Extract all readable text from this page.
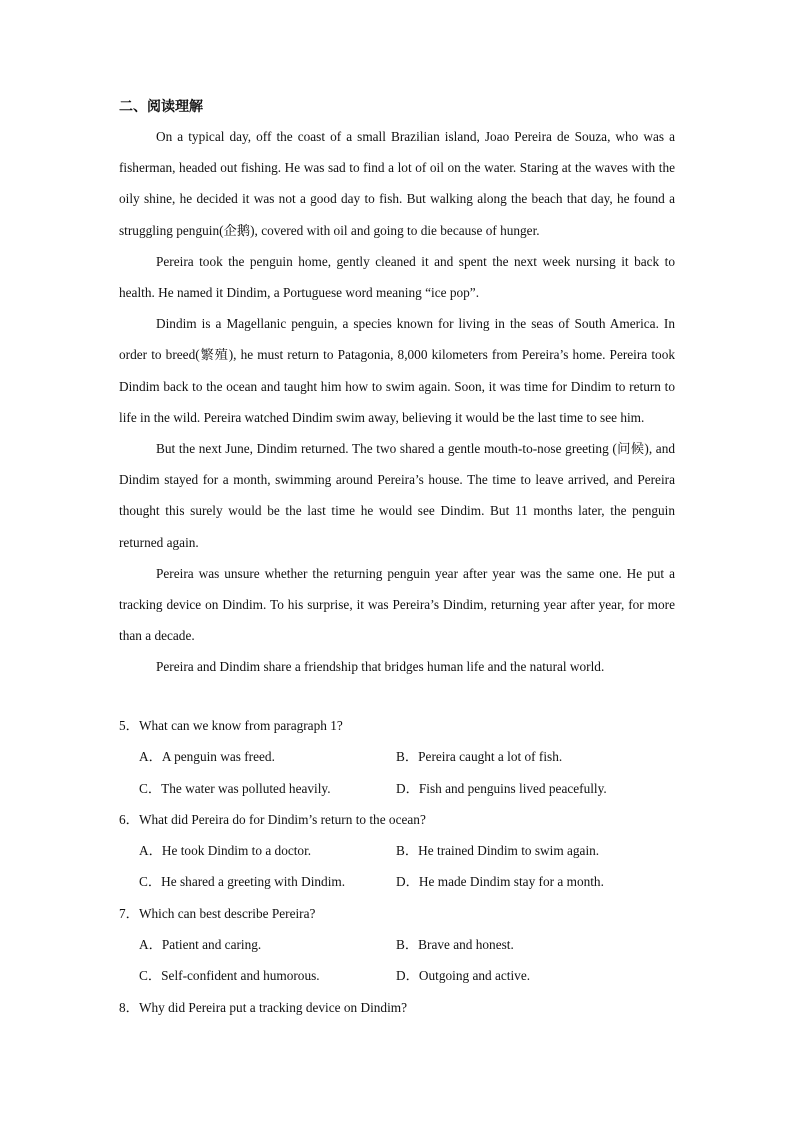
二、阅读理解

On a typical day, off the coast of a small Brazilian island, Joao Pereira de Souza, who was a fisherman, headed out fishing. He was sad to find a lot of oil on the water. Staring at the waves with the oily shine, he decided it was not a good day to fish. But walking along the beach that day, he found a struggling penguin(企鹅), covered with oil and going to die because of hunger.

Pereira took the penguin home, gently cleaned it and spent the next week nursing it back to health. He named it Dindim, a Portuguese word meaning “ice pop”.

Dindim is a Magellanic penguin, a species known for living in the seas of South America. In order to breed(繁殖), he must return to Patagonia, 8,000 kilometers from Pereira’s home. Pereira took Dindim back to the ocean and taught him how to swim again. Soon, it was time for Dindim to return to life in the wild. Pereira watched Dindim swim away, believing it would be the last time to see him.

But the next June, Dindim returned. The two shared a gentle mouth-to-nose greeting (问候), and Dindim stayed for a month, swimming around Pereira’s house. The time to leave arrived, and Pereira thought this surely would be the last time he would see Dindim. But 11 months later, the penguin returned again.

Pereira was unsure whether the returning penguin year after year was the same one. He put a tracking device on Dindim. To his surprise, it was Pereira’s Dindim, returning year after year, for more than a decade.

Pereira and Dindim share a friendship that bridges human life and the natural world.

5．What can we know from paragraph 1?
A．A penguin was freed.	B．Pereira caught a lot of fish.
C．The water was polluted heavily.	D．Fish and penguins lived peacefully.
6．What did Pereira do for Dindim’s return to the ocean?
A．He took Dindim to a doctor.	B．He trained Dindim to swim again.
C．He shared a greeting with Dindim.	D．He made Dindim stay for a month.
7．Which can best describe Pereira?
A．Patient and caring.	B．Brave and honest.
C．Self-confident and humorous.	D．Outgoing and active.
8．Why did Pereira put a tracking device on Dindim?
